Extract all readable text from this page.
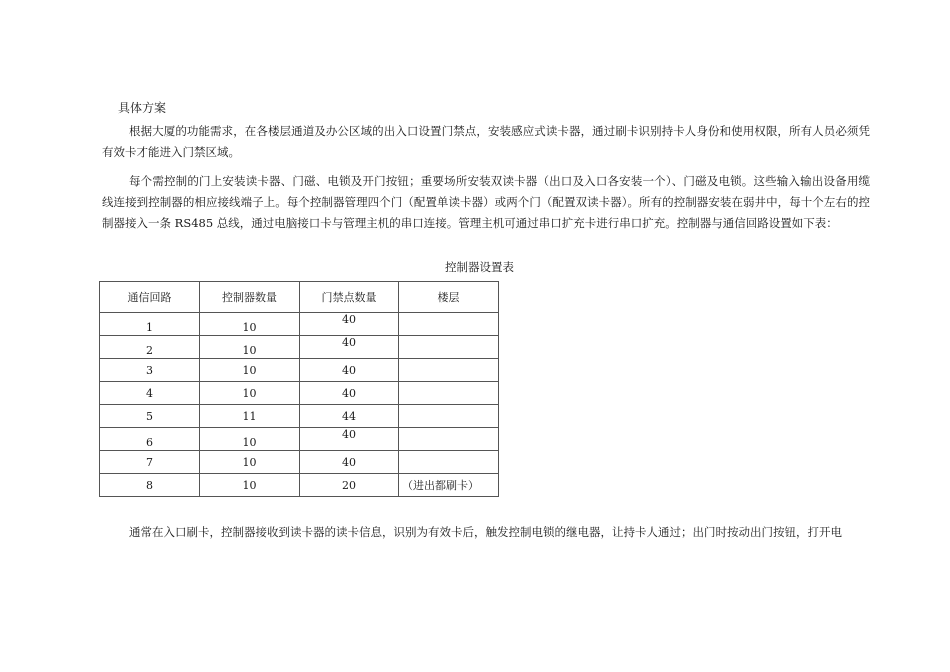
具体方案

根据大厦的功能需求，在各楼层通道及办公区域的出入口设置门禁点，安装感应式读卡器，通过刷卡识别持卡人身份和使用权限，所有人员必须凭有效卡才能进入门禁区域。

每个需控制的门上安装读卡器、门磁、电锁及开门按钮；重要场所安装双读卡器（出口及入口各安装一个）、门磁及电锁。这些输入输出设备用缆线连接到控制器的相应接线端子上。每个控制器管理四个门（配置单读卡器）或两个门（配置双读卡器）。所有的控制器安装在弱井中，每十个左右的控制器接入一条 RS485 总线，通过电脑接口卡与管理主机的串口连接。管理主机可通过串口扩充卡进行串口扩充。控制器与通信回路设置如下表：

控制器设置表
通信回路	控制器数量	门禁点数量	楼层
1	10	40	
2	10	40	
3	10	40	
4	10	40	
5	11	44	
6	10	40	
7	10	40	
8	10	20	（进出都刷卡）

通常在入口刷卡，控制器接收到读卡器的读卡信息，识别为有效卡后，触发控制电锁的继电器，让持卡人通过；出门时按动出门按钮，打开电
